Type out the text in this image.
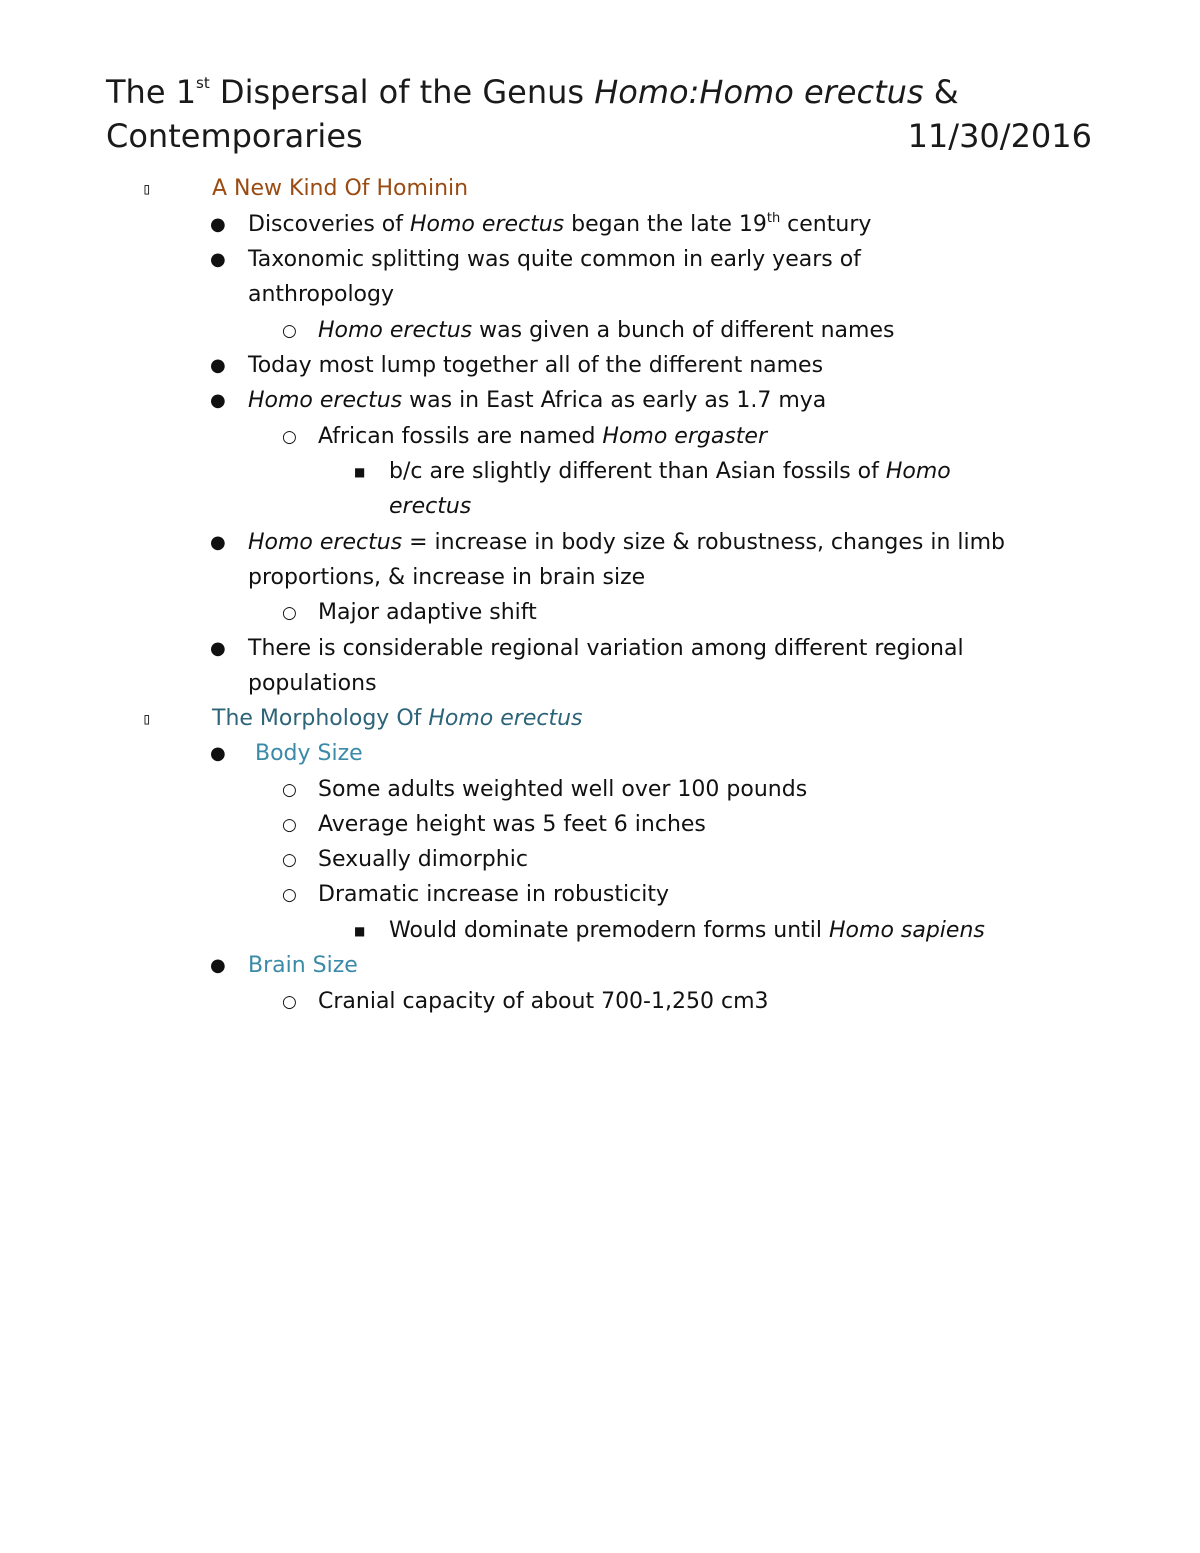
The 1st Dispersal of the Genus Homo:Homo erectus &
Contemporaries	11/30/2016
▯	A New Kind Of Hominin
● Discoveries of Homo erectus began the late 19th century
● Taxonomic splitting was quite common in early years of
anthropology
○ Homo erectus was given a bunch of different names
● Today most lump together all of the different names
● Homo erectus was in East Africa as early as 1.7 mya
○ African fossils are named Homo ergaster
■ b/c are slightly different than Asian fossils of Homo
erectus
● Homo erectus = increase in body size & robustness, changes in limb
proportions, & increase in brain size
○ Major adaptive shift
● There is considerable regional variation among different regional
populations
▯	The Morphology Of Homo erectus
● Body Size
○ Some adults weighted well over 100 pounds
○ Average height was 5 feet 6 inches
○ Sexually dimorphic
○ Dramatic increase in robusticity
■ Would dominate premodern forms until Homo sapiens
● Brain Size
○ Cranial capacity of about 700-1,250 cm3
